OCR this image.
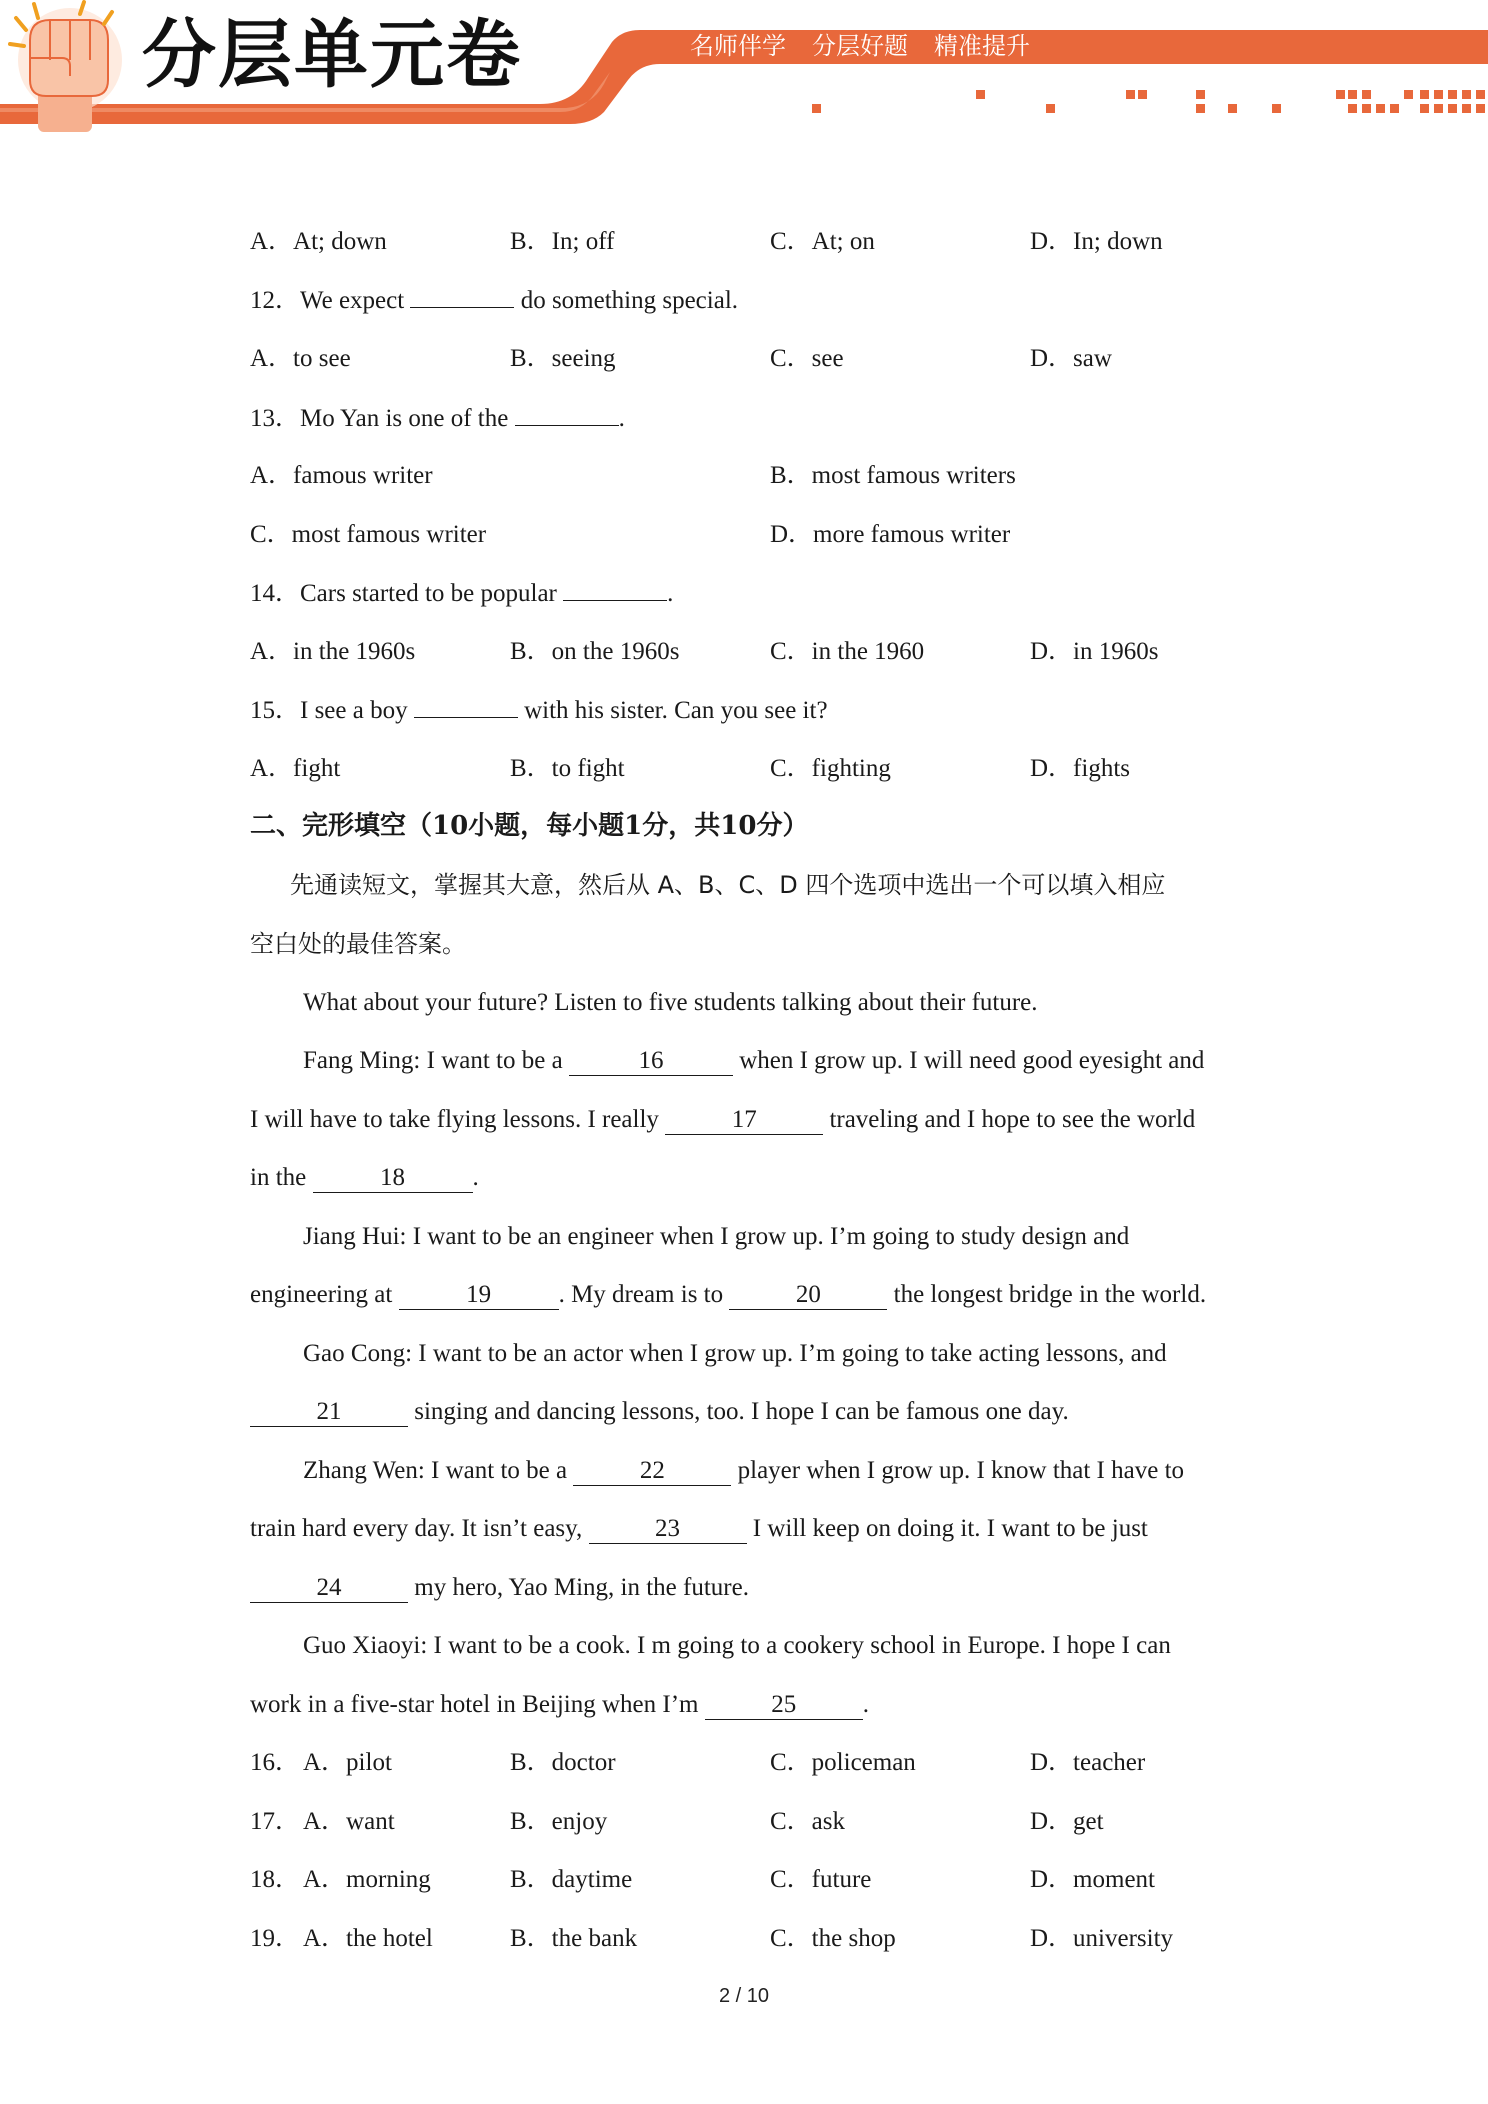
分层单元卷	名师伴学 分层好题 精准提升
A．At; down	B．In; off	C．At; on	D．In; down
12．We expect	do something special.
A．to see	B．seeing	C．see	D．saw
13．Mo Yan is one of the	.
A．famous writer	B．most famous writers
C．most famous writer	D．more famous writer
14．Cars started to be popular	.
A．in the 1960s	B．on the 1960s	C．in the 1960	D．in 1960s
15．I see a boy	with his sister. Can you see it?
A．fight	B．to fight	C．fighting	D．fights
二、完形填空（10小题，每小题1分，共10分）
先通读短文，掌握其大意，然后从 A、B、C、D 四个选项中选出一个可以填入相应
空白处的最佳答案。
What about your future? Listen to five students talking about their future.
Fang Ming: I want to be a	16	when I grow up. I will need good eyesight and
I will have to take flying lessons. I really	17	traveling and I hope to see the world
in the	18	.
Jiang Hui: I want to be an engineer when I grow up. I’m going to study design and
engineering at	19	. My dream is to	20	the longest bridge in the world.
Gao Cong: I want to be an actor when I grow up. I’m going to take acting lessons, and
21	singing and dancing lessons, too. I hope I can be famous one day.
Zhang Wen: I want to be a	22	player when I grow up. I know that I have to
train hard every day. It isn’t easy,	23	I will keep on doing it. I want to be just
24	my hero, Yao Ming, in the future.
Guo Xiaoyi: I want to be a cook. I m going to a cookery school in Europe. I hope I can
work in a five-star hotel in Beijing when I’m	25	.
16． A．pilot	B．doctor	C．policeman	D．teacher
17． A．want	B．enjoy	C．ask	D．get
18． A．morning	B．daytime	C．future	D．moment
19． A．the hotel	B．the bank	C．the shop	D．university
2 / 10
